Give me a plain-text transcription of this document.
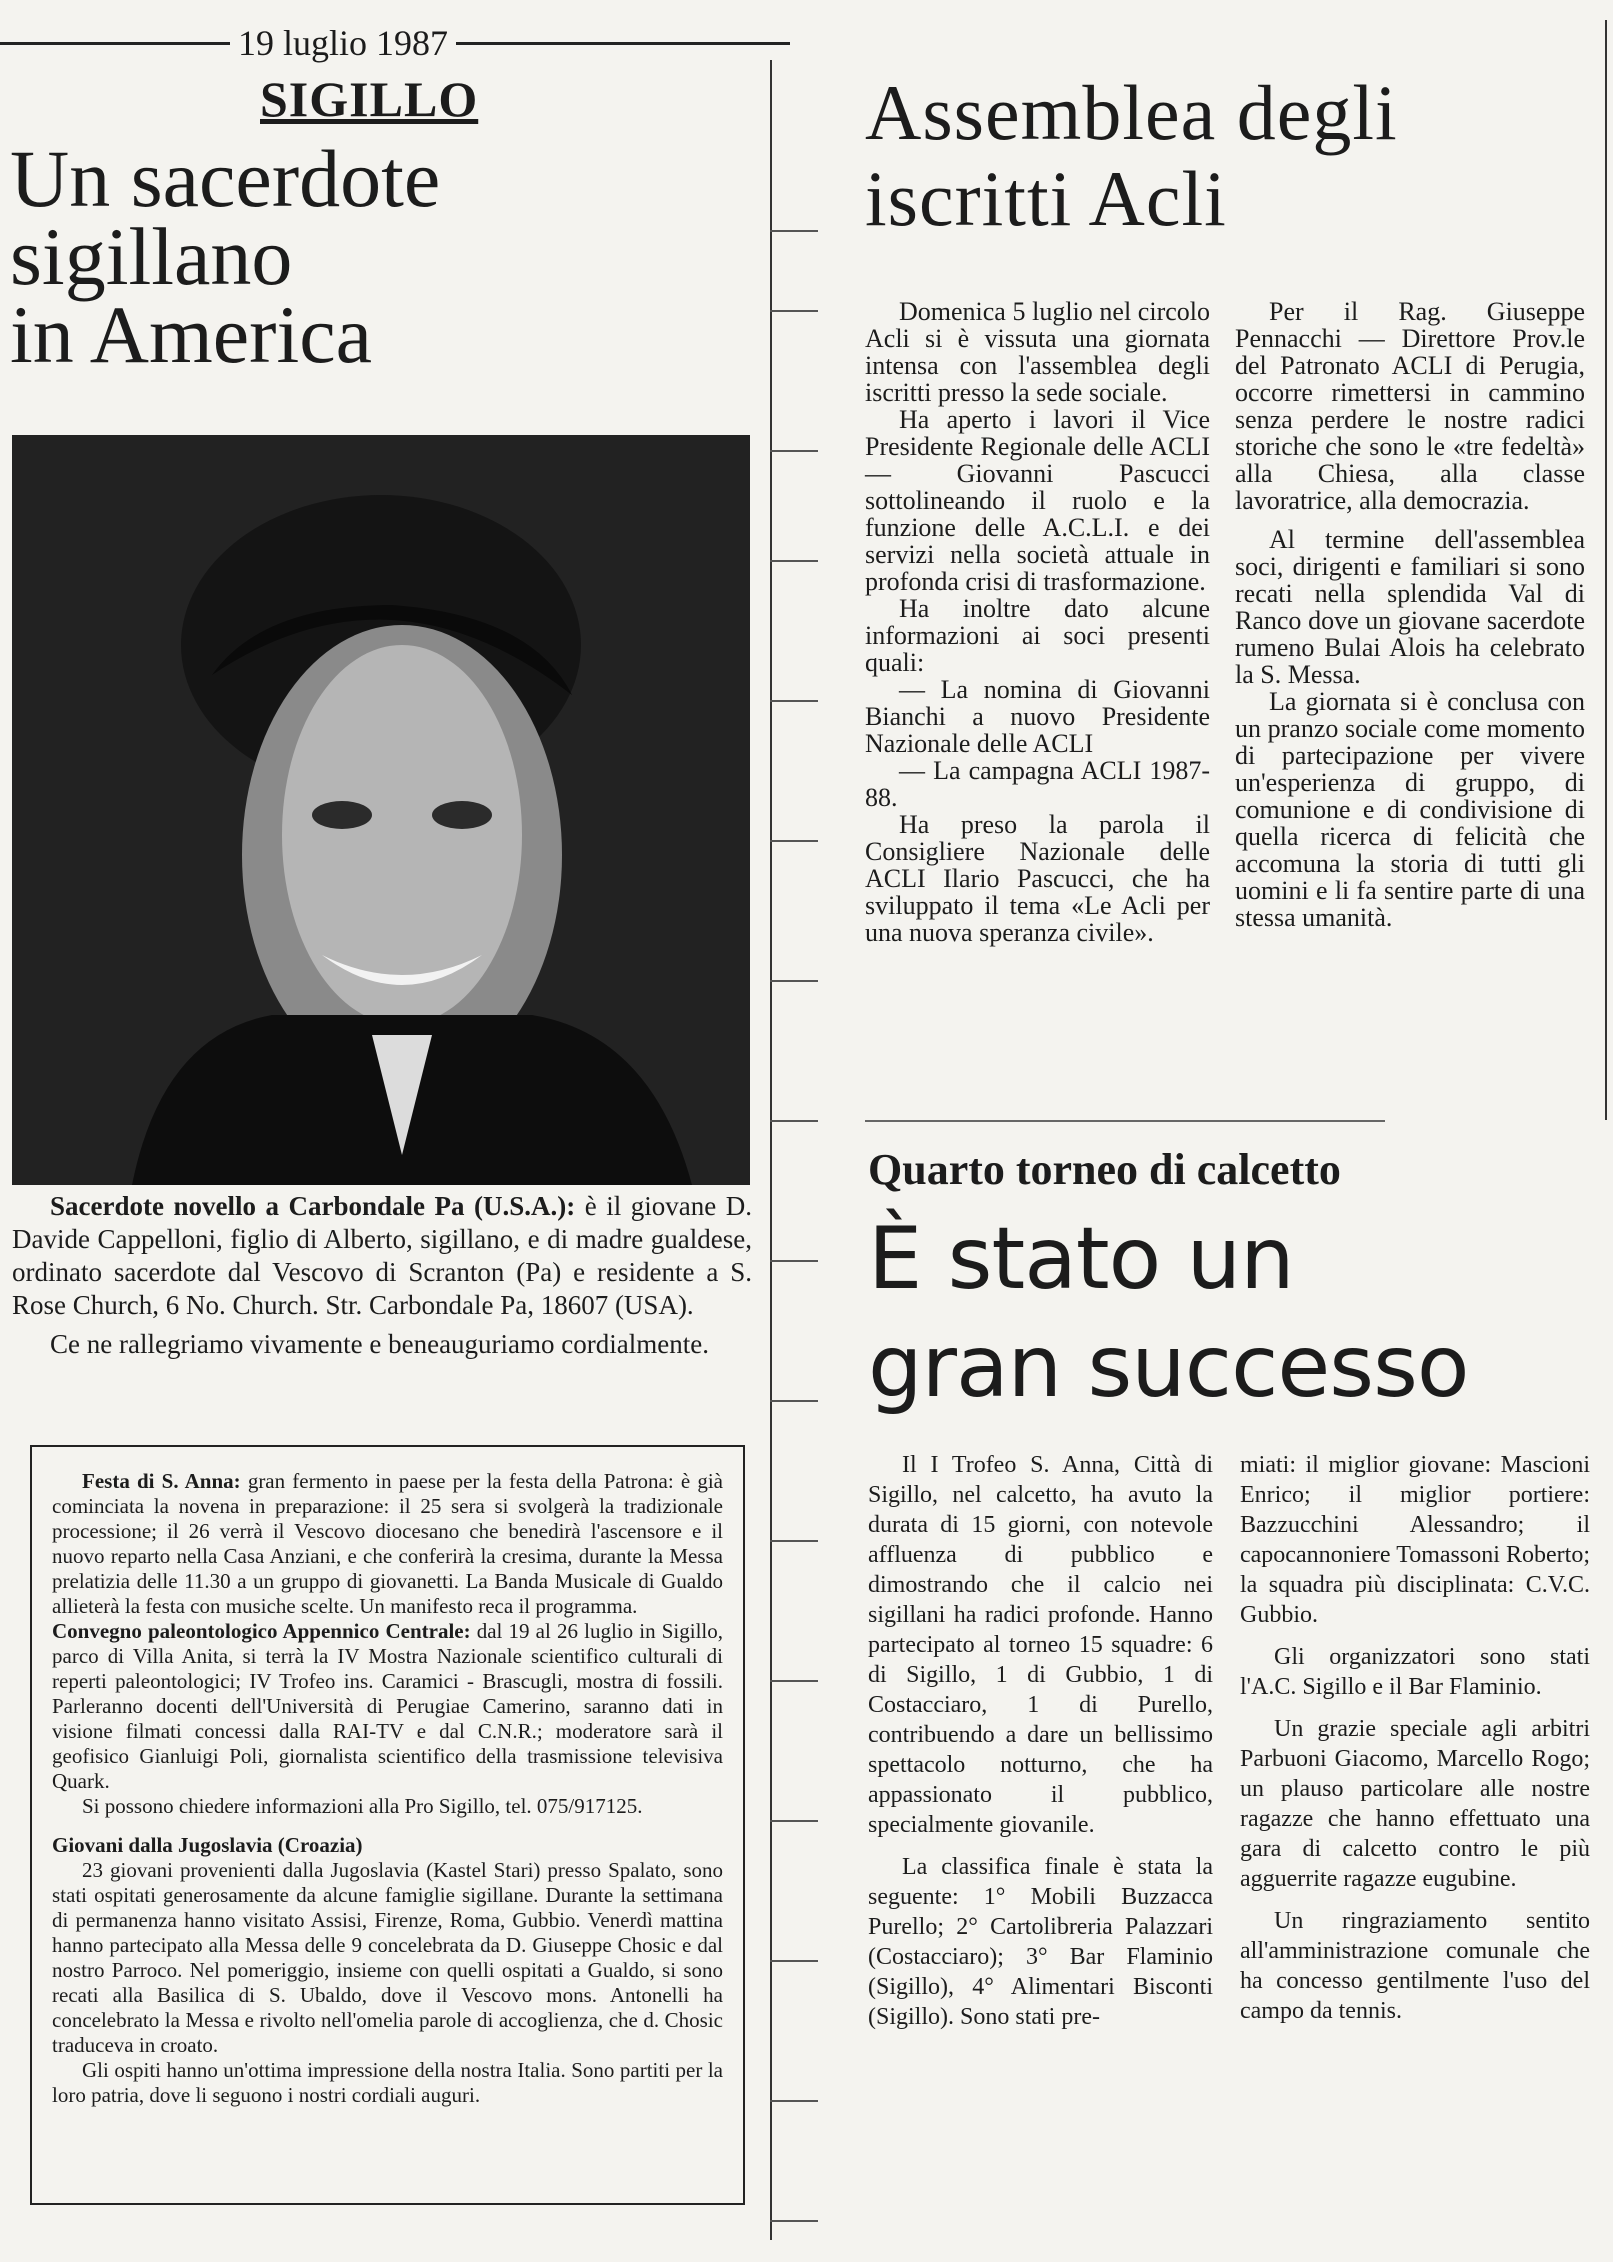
19 luglio 1987
SIGILLO
Un sacerdote
sigillano
in America

Sacerdote novello a Carbondale Pa (U.S.A.): è il giovane D. Davide Cappelloni, figlio di Alberto, sigillano, e di madre gualdese, ordinato sacerdote dal Vescovo di Scranton (Pa) e residente a S. Rose Church, 6 No. Church. Str. Carbondale Pa, 18607 (USA).

Ce ne rallegriamo vivamente e beneauguriamo cordialmente.

Festa di S. Anna: gran fermento in paese per la festa della Patrona: è già cominciata la novena in preparazione: il 25 sera si svolgerà la tradizionale processione; il 26 verrà il Vescovo diocesano che benedirà l'ascensore e il nuovo reparto nella Casa Anziani, e che conferirà la cresima, durante la Messa prelatizia delle 11.30 a un gruppo di giovanetti. La Banda Musicale di Gualdo allieterà la festa con musiche scelte. Un manifesto reca il programma.

Convegno paleontologico Appennico Centrale: dal 19 al 26 luglio in Sigillo, parco di Villa Anita, si terrà la IV Mostra Nazionale scientifico culturali di reperti paleontologici; IV Trofeo ins. Caramici - Brascugli, mostra di fossili. Parleranno docenti dell'Università di Perugiae Camerino, saranno dati in visione filmati concessi dalla RAI-TV e dal C.N.R.; moderatore sarà il geofisico Gianluigi Poli, giornalista scientifico della trasmissione televisiva Quark.

Si possono chiedere informazioni alla Pro Sigillo, tel. 075/917125.

Giovani dalla Jugoslavia (Croazia)

23 giovani provenienti dalla Jugoslavia (Kastel Stari) presso Spalato, sono stati ospitati generosamente da alcune famiglie sigillane. Durante la settimana di permanenza hanno visitato Assisi, Firenze, Roma, Gubbio. Venerdì mattina hanno partecipato alla Messa delle 9 concelebrata da D. Giuseppe Chosic e dal nostro Parroco. Nel pomeriggio, insieme con quelli ospitati a Gualdo, si sono recati alla Basilica di S. Ubaldo, dove il Vescovo mons. Antonelli ha concelebrato la Messa e rivolto nell'omelia parole di accoglienza, che d. Chosic traduceva in croato.

Gli ospiti hanno un'ottima impressione della nostra Italia. Sono partiti per la loro patria, dove li seguono i nostri cordiali auguri.

Assemblea degli
iscritti Acli

Domenica 5 luglio nel circolo Acli si è vissuta una giornata intensa con l'assemblea degli iscritti presso la sede sociale.

Ha aperto i lavori il Vice Presidente Regionale delle ACLI — Giovanni Pascucci sottolineando il ruolo e la funzione delle A.C.L.I. e dei servizi nella società attuale in profonda crisi di trasformazione.

Ha inoltre dato alcune informazioni ai soci presenti quali:

— La nomina di Giovanni Bianchi a nuovo Presidente Nazionale delle ACLI

— La campagna ACLI 1987-88.

Ha preso la parola il Consigliere Nazionale delle ACLI Ilario Pascucci, che ha sviluppato il tema «Le Acli per una nuova speranza civile».

Per il Rag. Giuseppe Pennacchi — Direttore Prov.le del Patronato ACLI di Perugia, occorre rimettersi in cammino senza perdere le nostre radici storiche che sono le «tre fedeltà» alla Chiesa, alla classe lavoratrice, alla democrazia.

Al termine dell'assemblea soci, dirigenti e familiari si sono recati nella splendida Val di Ranco dove un giovane sacerdote rumeno Bulai Alois ha celebrato la S. Messa.

La giornata si è conclusa con un pranzo sociale come momento di partecipazione per vivere un'esperienza di gruppo, di comunione e di condivisione di quella ricerca di felicità che accomuna la storia di tutti gli uomini e li fa sentire parte di una stessa umanità.

Quarto torneo di calcetto
È stato un
gran successo

Il I Trofeo S. Anna, Città di Sigillo, nel calcetto, ha avuto la durata di 15 giorni, con notevole affluenza di pubblico e dimostrando che il calcio nei sigillani ha radici profonde. Hanno partecipato al torneo 15 squadre: 6 di Sigillo, 1 di Gubbio, 1 di Costacciaro, 1 di Purello, contribuendo a dare un bellissimo spettacolo notturno, che ha appassionato il pubblico, specialmente giovanile.

La classifica finale è stata la seguente: 1° Mobili Buzzacca Purello; 2° Cartolibreria Palazzari (Costacciaro); 3° Bar Flaminio (Sigillo), 4° Alimentari Bisconti (Sigillo). Sono stati pre-

miati: il miglior giovane: Mascioni Enrico; il miglior portiere: Bazzucchini Alessandro; il capocannoniere Tomassoni Roberto; la squadra più disciplinata: C.V.C. Gubbio.

Gli organizzatori sono stati l'A.C. Sigillo e il Bar Flaminio.

Un grazie speciale agli arbitri Parbuoni Giacomo, Marcello Rogo; un plauso particolare alle nostre ragazze che hanno effettuato una gara di calcetto contro le più agguerrite ragazze eugubine.

Un ringraziamento sentito all'amministrazione comunale che ha concesso gentilmente l'uso del campo da tennis.
